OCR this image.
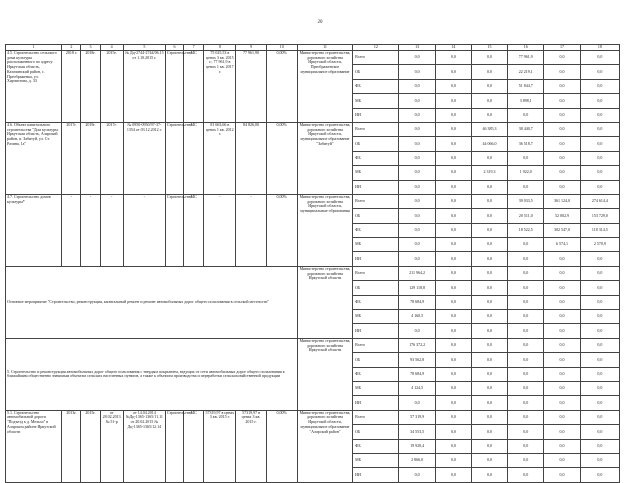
20
1	2	3	4	5	6	7	8	9	10	11	12	13	14	15	16	17	18
4.5. Строительство сельского дома культуры расположенного по адресу: Иркутская область, Казачинский район, с. Преображенка, ул. Харчистова, д. 33	2018 г.	2018г.	2015г.	№ Дц-2744-2744/06.15 от 1.10.2015 г.	Строительство	МС	75 025,53 в ценах 3 кв. 2015 г.; 77 961,9 в ценах 1 кв. 2017 г.	77 961,90	0,00%	Министерство строительства, дорожного хозяйства Иркутской области, Преображенское муниципальное образование	Всего	0,0	0,0	0,0	77 961,9	0,0	0,0
											ОБ	0,0	0,0	0,0	22 219,1	0,0	0,0
											ФБ	0,0	0,0	0,0	51 844,7	0,0	0,0
											МБ	0,0	0,0	0,0	3 898,1	0,0	0,0
											ИИ	0,0	0,0	0,0	0,0	0,0	0,0
4.6. Объект капитального строительства "Дом культуры. Иркутская область, Аларский район, п. Забитуй, ул. Ст. Разина, 1а"	2017г.	2019г.	2017г.	№ 0950-0950/97-37-1354 от 03.12.2012 г.	Строительство	МС	81 663,66 в ценах 1 кв. 2012 г.	84 826,00	0,00%	Министерство строительства, дорожного хозяйства Иркутской области, муниципальное образование "Забитуй"	Всего	0,0	0,0	46 385,3	38 440,7	0,0	0,0
											ОБ	0,0	0,0	44 066,0	36 518,7	0,0	0,0
											ФБ	0,0	0,0	0,0	0,0	0,0	0,0
											МБ	0,0	0,0	2 319,3	1 922,0	0,0	0,0
											ИИ	0,0	0,0	0,0	0,0	0,0	0,0
4.7. Строительство домов культуры*	-	-	-	-	Строительство	МС	-	-	0,00%	Министерство строительства, дорожного хозяйства Иркутской области, муниципальные образования	Всего	0,0	0,0	0,0	39 033,5	361 124,0	274 614,4
											ОБ	0,0	0,0	0,0	20 511,0	52 002,9	153 729,0
											ФБ	0,0	0,0	0,0	18 522,5	302 547,0	118 314,5
											МБ	0,0	0,0	0,0	0,0	6 574,1	2 570,9
											ИИ	0,0	0,0	0,0	0,0	0,0	0,0
Основное мероприятие "Строительство, реконструкция, капитальный ремонт и ремонт автомобильных дорог общего пользования в сельской местности"										Министерство строительства, дорожного хозяйства Иркутской области	Всего	211 964,2	0,0	0,0	0,0	0,0	0,0
											ОБ	129 118,8	0,0	0,0	0,0	0,0	0,0
											ФБ	78 684,9	0,0	0,0	0,0	0,0	0,0
											МБ	4 160,5	0,0	0,0	0,0	0,0	0,0
											ИИ	0,0	0,0	0,0	0,0	0,0	0,0
5. Строительство и реконструкция автомобильных дорог общего пользования с твердым покрытием, ведущих от сети автомобильных дорог общего пользования к ближайшим общественно значимым объектам сельских населенных пунктов, а также к объектам производства и переработки сельскохозяйственной продукции										Министерство строительства, дорожного хозяйства Иркутской области	Всего	176 372,2	0,0	0,0	0,0	0,0	0,0
											ОБ	93 562,8	0,0	0,0	0,0	0,0	0,0
											ФБ	78 684,9	0,0	0,0	0,0	0,0	0,0
											МБ	4 124,5	0,0	0,0	0,0	0,0	0,0
											ИИ	0,0	0,0	0,0	0,0	0,0	0,0
5.1. Строительство автомобильной дороги "Подъезд к д. Мельхэ" в Аларском районе Иркутской области	2013г.	2015г.	от 28.02.2013 № 51-р	от 14.04.2014 №Дц-1365-1365/11.11 от 20.02.2015 № Дц-1365-1365/12.14	Строительство	МС	57319,97 в ценах 3 кв. 2015 г.	57319,97 в ценах 3 кв. 2015 г.	0,00%	Министерство строительства, дорожного хозяйства Иркутской области, муниципальное образование "Аларский район"	Всего	57 319,9	0,0	0,0	0,0	0,0	0,0
											ОБ	34 553,5	0,0	0,0	0,0	0,0	0,0
											ФБ	19 920,4	0,0	0,0	0,0	0,0	0,0
											МБ	2 866,0	0,0	0,0	0,0	0,0	0,0
											ИИ	0,0	0,0	0,0	0,0	0,0	0,0
